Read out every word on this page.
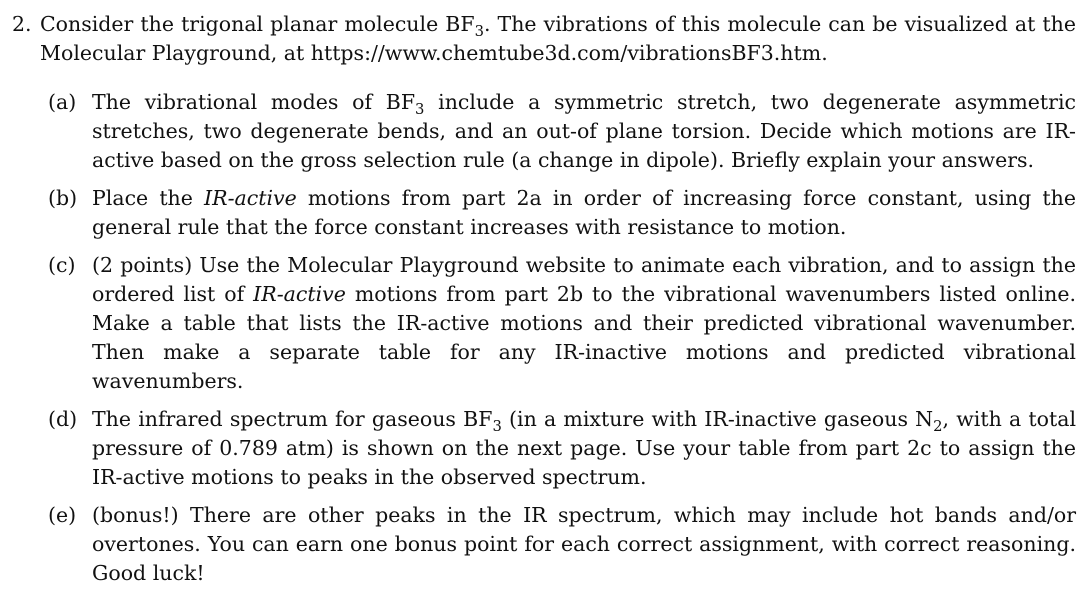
2. Consider the trigonal planar molecule $BF_3$. The vibrations of this molecule can be visualized at the Molecular Playground, at https://www.chemtube3d.com/vibrationsBF3.htm.

(a) The vibrational modes of $BF_3$ include a symmetric stretch, two degenerate asymmetric stretches, two degenerate bends, and an out-of plane torsion. Decide which motions are IR-active based on the gross selection rule (a change in dipole). Briefly explain your answers.
(b) Place the IR-active motions from part 2a in order of increasing force constant, using the general rule that the force constant increases with resistance to motion.
(c) (2 points) Use the Molecular Playground website to animate each vibration, and to assign the ordered list of IR-active motions from part 2b to the vibrational wavenumbers listed online. Make a table that lists the IR-active motions and their predicted vibrational wavenumber. Then make a separate table for any IR-inactive motions and predicted vibrational wavenumbers.
(d) The infrared spectrum for gaseous $BF_3$ (in a mixture with IR-inactive gaseous $N_2$, with a total pressure of 0.789 atm) is shown on the next page. Use your table from part 2c to assign the IR-active motions to peaks in the observed spectrum.
(e) (bonus!) There are other peaks in the IR spectrum, which may include hot bands and/or overtones. You can earn one bonus point for each correct assignment, with correct reasoning. Good luck!
